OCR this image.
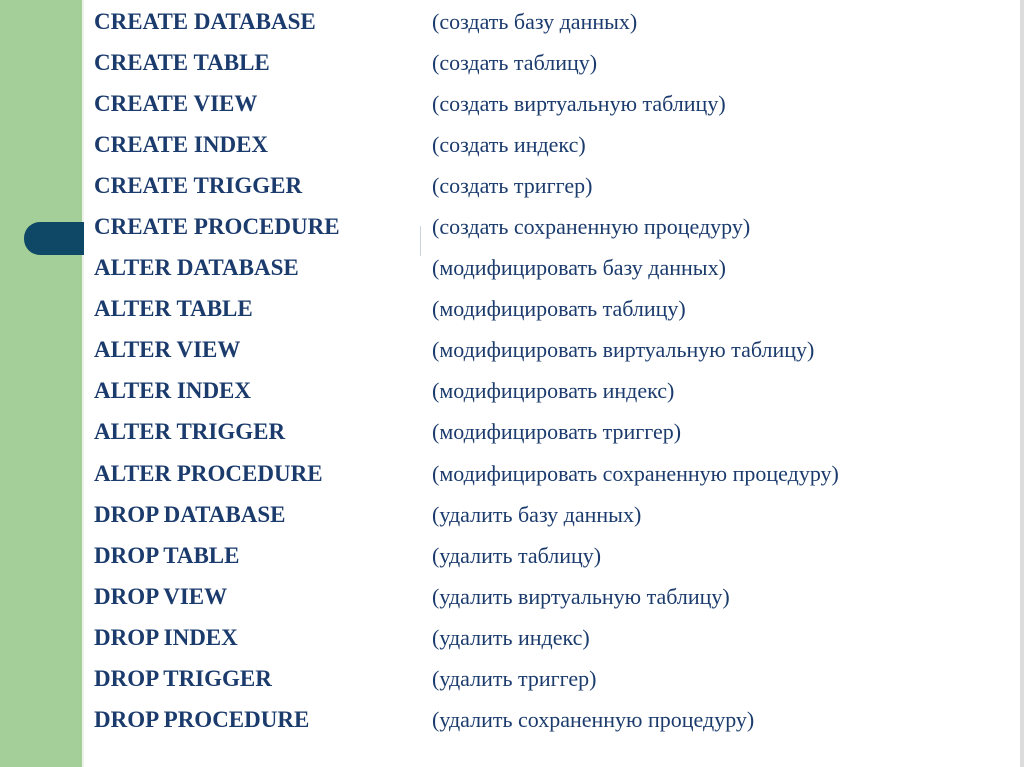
CREATE DATABASE	(создать базу данных)
CREATE TABLE	(создать таблицу)
CREATE VIEW	(создать виртуальную таблицу)
CREATE INDEX	(создать индекс)
CREATE TRIGGER	(создать триггер)
CREATE PROCEDURE	(создать сохраненную процедуру)
ALTER DATABASE	(модифицировать базу данных)
ALTER TABLE	(модифицировать таблицу)
ALTER VIEW	(модифицировать виртуальную таблицу)
ALTER INDEX	(модифицировать индекс)
ALTER TRIGGER	(модифицировать триггер)
ALTER PROCEDURE	(модифицировать сохраненную процедуру)
DROP DATABASE	(удалить базу данных)
DROP TABLE	(удалить таблицу)
DROP VIEW	(удалить виртуальную таблицу)
DROP INDEX	(удалить индекс)
DROP TRIGGER	(удалить триггер)
DROP PROCEDURE	(удалить сохраненную процедуру)
